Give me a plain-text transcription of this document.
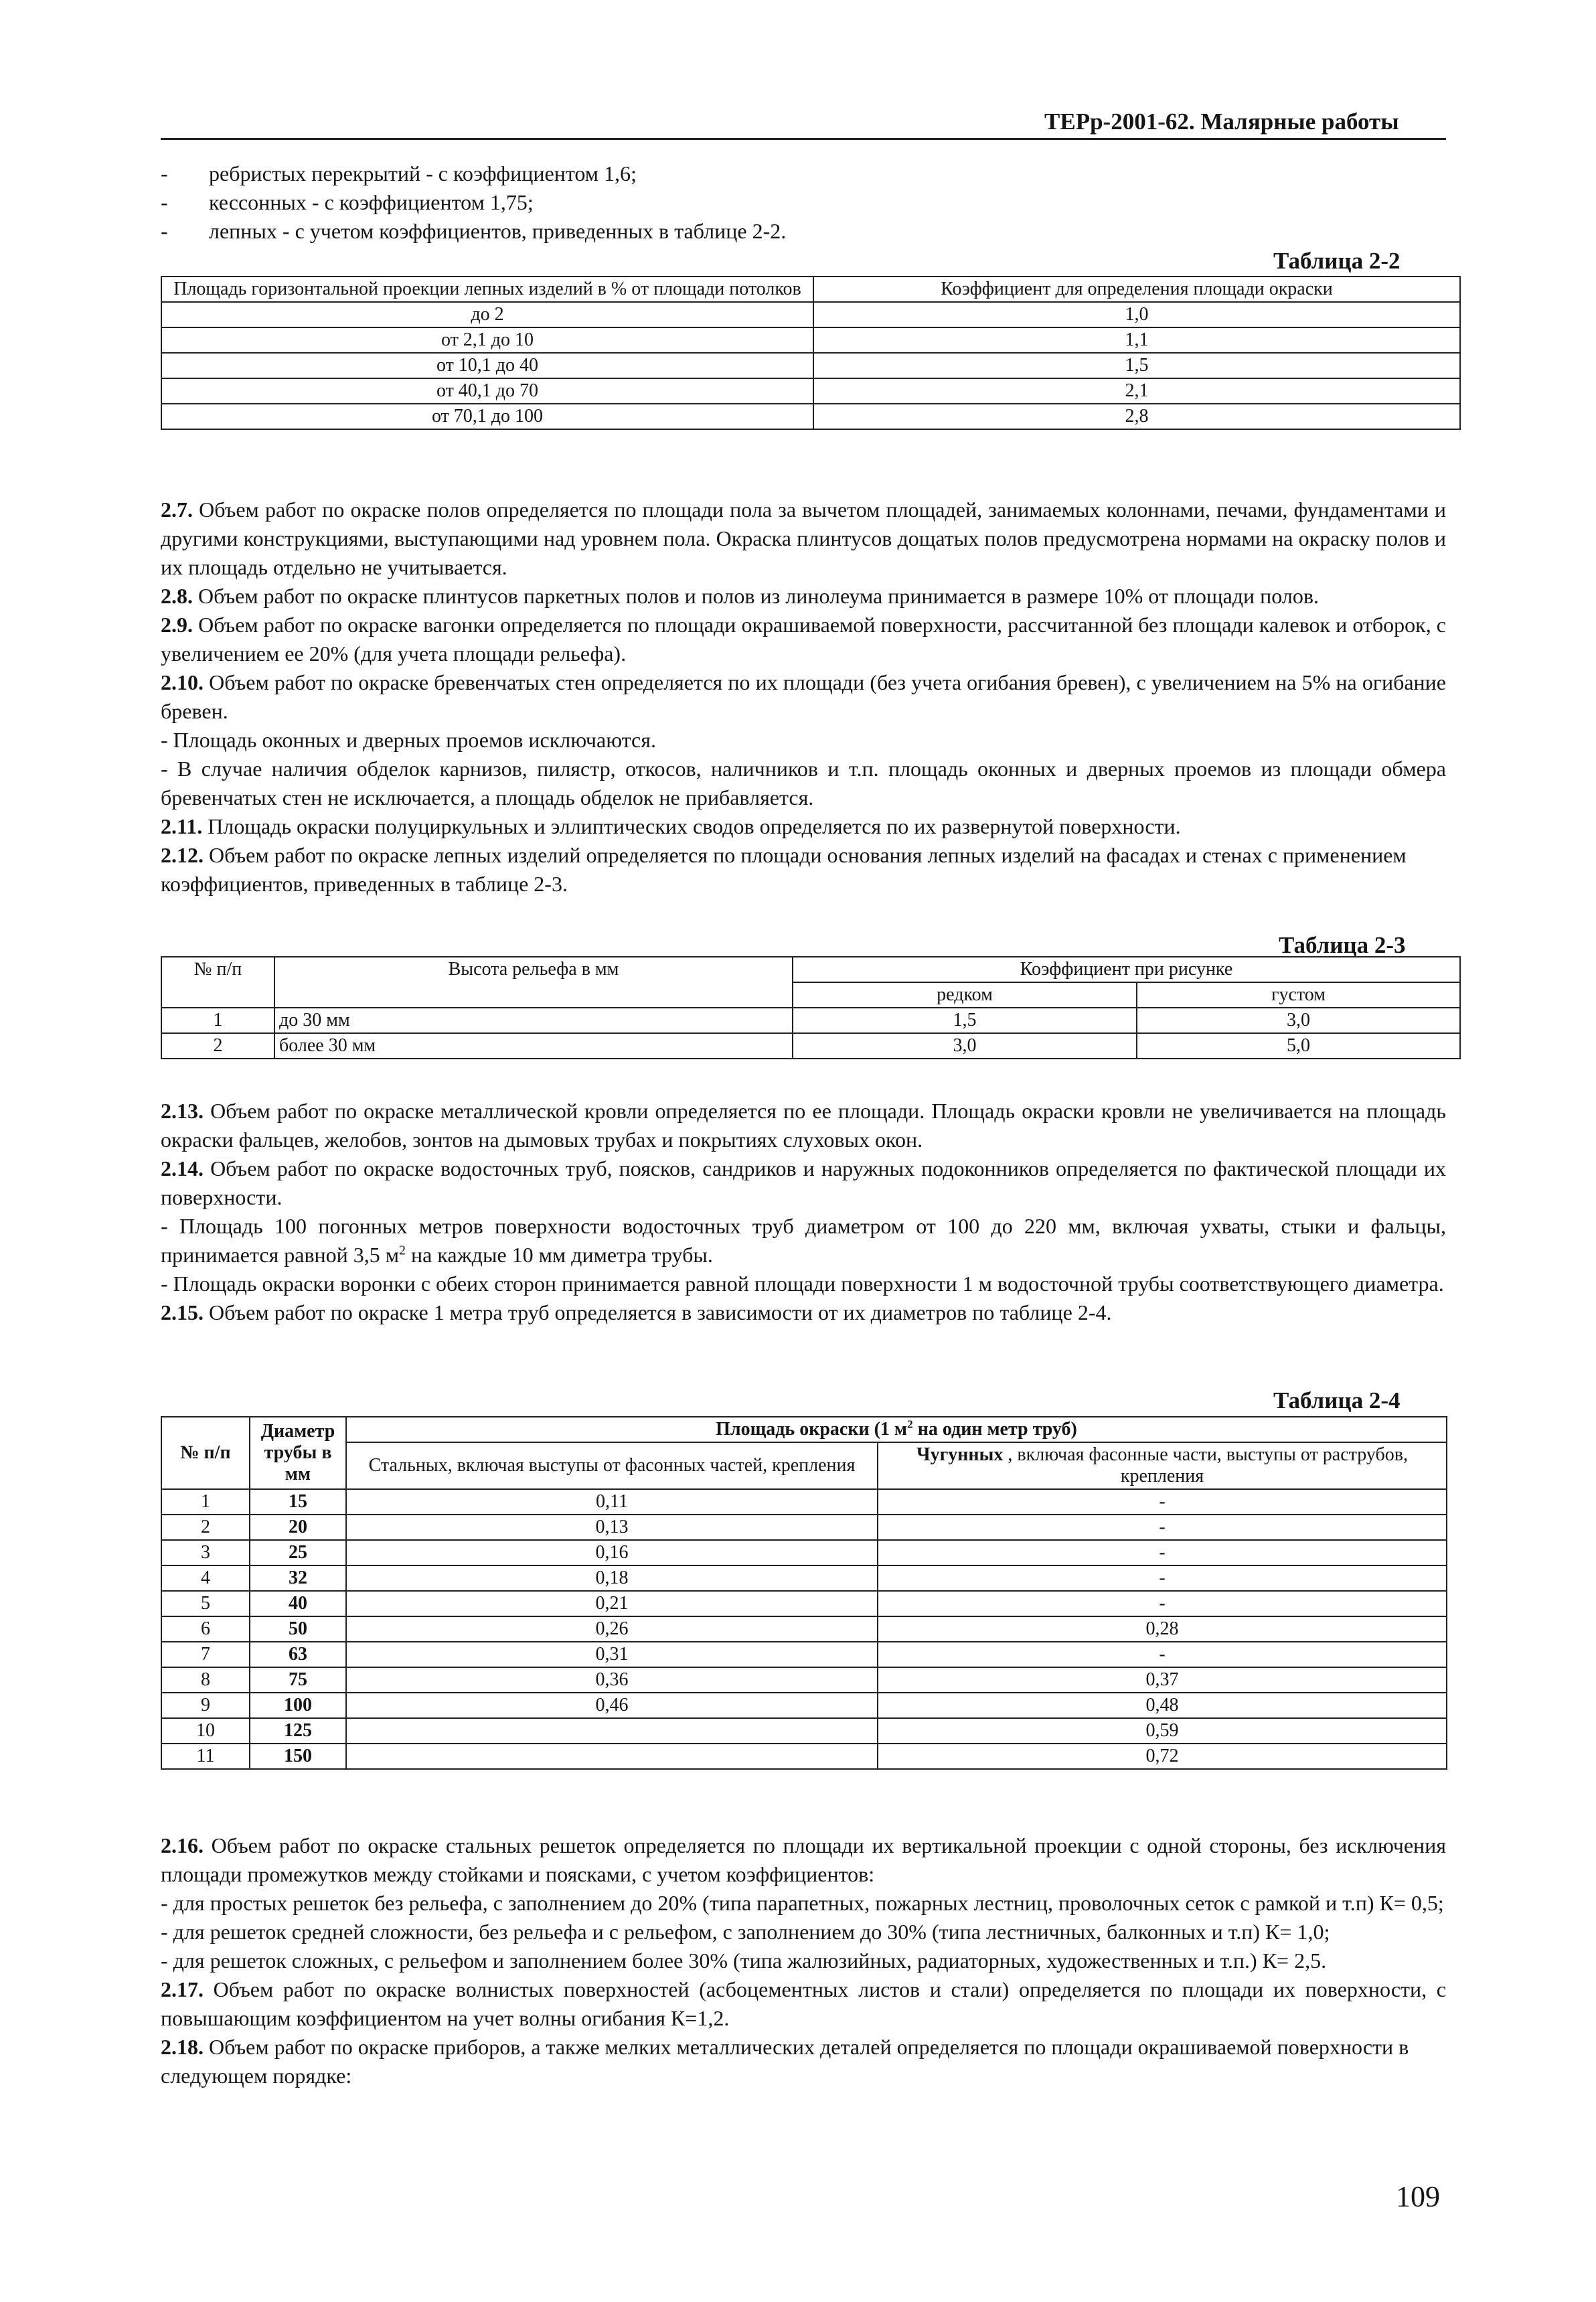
ТЕРр-2001-62. Малярные работы

- ребристых перекрытий - с коэффициентом 1,6;

- кессонных - с коэффициентом 1,75;

- лепных - с учетом коэффициентов, приведенных в таблице 2-2.

Таблица 2-2
Площадь горизонтальной проекции лепных изделий в % от площади потолков	Коэффициент для определения площади окраски
до 2	1,0
от 2,1 до 10	1,1
от 10,1 до 40	1,5
от 40,1 до 70	2,1
от 70,1 до 100	2,8

2.7. Объем работ по окраске полов определяется по площади пола за вычетом площадей, занимаемых колоннами, печами, фундаментами и другими конструкциями, выступающими над уровнем пола. Окраска плинтусов дощатых полов предусмотрена нормами на окраску полов и их площадь отдельно не учитывается.

2.8. Объем работ по окраске плинтусов паркетных полов и полов из линолеума принимается в размере 10% от площади полов.

2.9. Объем работ по окраске вагонки определяется по площади окрашиваемой поверхности, рассчитанной без площади калевок и отборок, с увеличением ее 20% (для учета площади рельефа).

2.10. Объем работ по окраске бревенчатых стен определяется по их площади (без учета огибания бревен), с увеличением на 5% на огибание бревен.

- Площадь оконных и дверных проемов исключаются.

- В случае наличия обделок карнизов, пилястр, откосов, наличников и т.п. площадь оконных и дверных проемов из площади обмера бревенчатых стен не исключается, а площадь обделок не прибавляется.

2.11. Площадь окраски полуциркульных и эллиптических сводов определяется по их развернутой поверхности.

2.12. Объем работ по окраске лепных изделий определяется по площади основания лепных изделий на фасадах и стенах с применением коэффициентов, приведенных в таблице 2-3.

Таблица 2-3
№ п/п	Высота рельефа в мм	Коэффициент при рисунке	
		редком	густом
1	до 30 мм	1,5	3,0
2	более 30 мм	3,0	5,0

2.13. Объем работ по окраске металлической кровли определяется по ее площади. Площадь окраски кровли не увеличивается на площадь окраски фальцев, желобов, зонтов на дымовых трубах и покрытиях слуховых окон.

2.14. Объем работ по окраске водосточных труб, поясков, сандриков и наружных подоконников определяется по фактической площади их поверхности.

- Площадь 100 погонных метров поверхности водосточных труб диаметром от 100 до 220 мм, включая ухваты, стыки и фальцы, принимается равной 3,5 $м^2$ на каждые 10 мм диметра трубы.

- Площадь окраски воронки с обеих сторон принимается равной площади поверхности 1 м водосточной трубы соответствующего диаметра.

2.15. Объем работ по окраске 1 метра труб определяется в зависимости от их диаметров по таблице 2-4.

Таблица 2-4
№ п/п	Диаметр трубы в мм	Площадь окраски (1 $м^2$ на один метр труб)	
		Стальных, включая выступы от фасонных частей, крепления	Чугунных , включая фасонные части, выступы от раструбов, крепления
1	15	0,11	-
2	20	0,13	-
3	25	0,16	-
4	32	0,18	-
5	40	0,21	-
6	50	0,26	0,28
7	63	0,31	-
8	75	0,36	0,37
9	100	0,46	0,48
10	125		0,59
11	150		0,72

2.16. Объем работ по окраске стальных решеток определяется по площади их вертикальной проекции с одной стороны, без исключения площади промежутков между стойками и поясками, с учетом коэффициентов:

- для простых решеток без рельефа, с заполнением до 20% (типа парапетных, пожарных лестниц, проволочных сеток с рамкой и т.п) К= 0,5;

- для решеток средней сложности, без рельефа и с рельефом, с заполнением до 30% (типа лестничных, балконных и т.п) К= 1,0;

- для решеток сложных, с рельефом и заполнением более 30% (типа жалюзийных, радиаторных, художественных и т.п.) К= 2,5.

2.17. Объем работ по окраске волнистых поверхностей (асбоцементных листов и стали) определяется по площади их поверхности, с повышающим коэффициентом на учет волны огибания К=1,2.

2.18. Объем работ по окраске приборов, а также мелких металлических деталей определяется по площади окрашиваемой поверхности в следующем порядке:

109
